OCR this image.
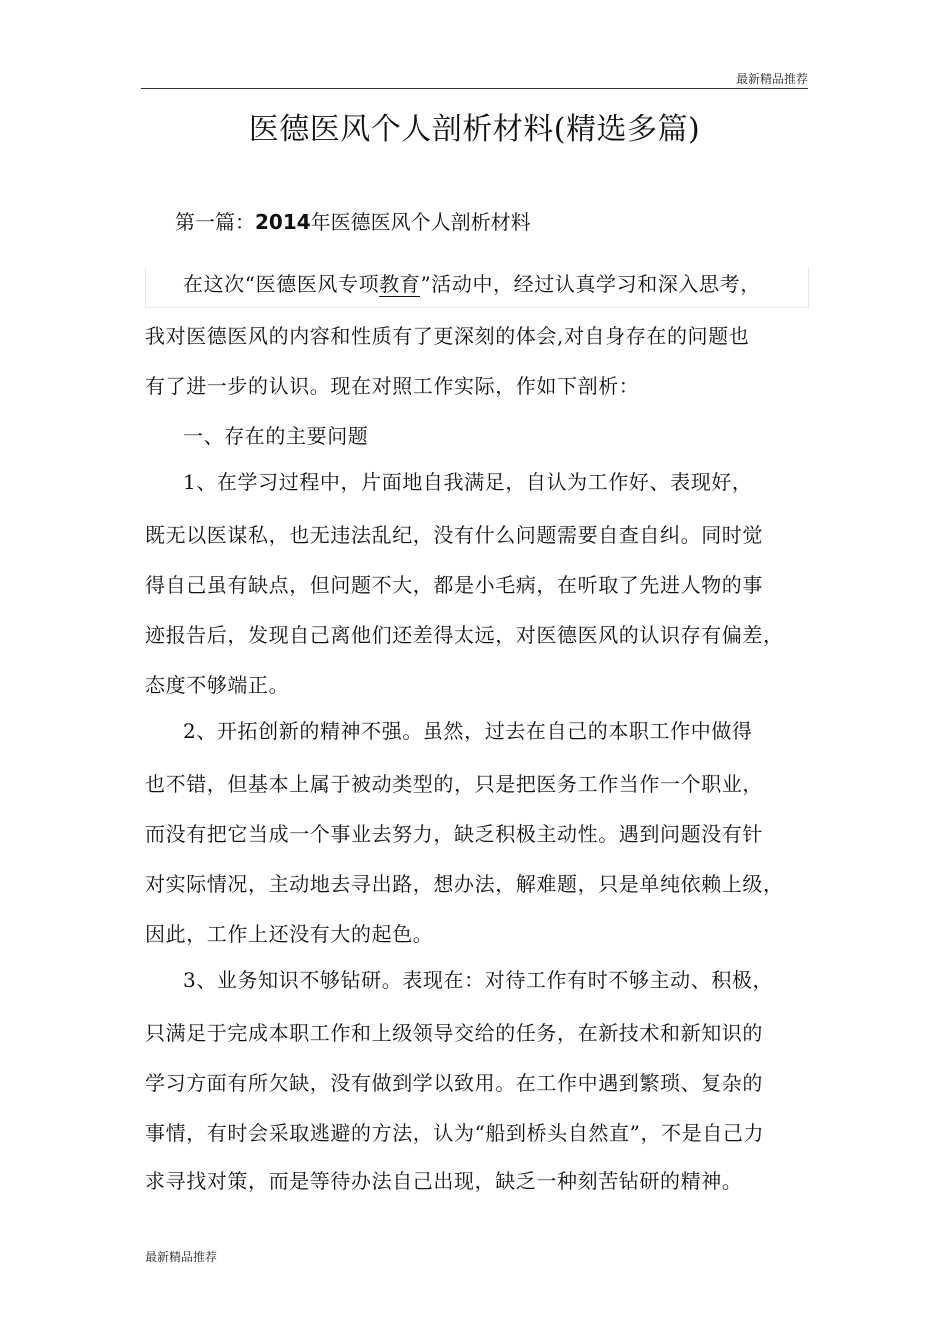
最新精品推荐
医德医风个人剖析材料(精选多篇)
第一篇：2014年医德医风个人剖析材料
在这次“医德医风专项教育”活动中，经过认真学习和深入思考，
我对医德医风的内容和性质有了更深刻的体会,对自身存在的问题也
有了进一步的认识。现在对照工作实际，作如下剖析：
一、存在的主要问题
1、在学习过程中，片面地自我满足，自认为工作好、表现好，
既无以医谋私，也无违法乱纪，没有什么问题需要自查自纠。同时觉
得自己虽有缺点，但问题不大，都是小毛病，在听取了先进人物的事
迹报告后，发现自己离他们还差得太远，对医德医风的认识存有偏差，
态度不够端正。
2、开拓创新的精神不强。虽然，过去在自己的本职工作中做得
也不错，但基本上属于被动类型的，只是把医务工作当作一个职业，
而没有把它当成一个事业去努力，缺乏积极主动性。遇到问题没有针
对实际情况，主动地去寻出路，想办法，解难题，只是单纯依赖上级，
因此，工作上还没有大的起色。
3、业务知识不够钻研。表现在：对待工作有时不够主动、积极，
只满足于完成本职工作和上级领导交给的任务，在新技术和新知识的
学习方面有所欠缺，没有做到学以致用。在工作中遇到繁琐、复杂的
事情，有时会采取逃避的方法，认为“船到桥头自然直”，不是自己力
求寻找对策，而是等待办法自己出现，缺乏一种刻苦钻研的精神。
最新精品推荐
